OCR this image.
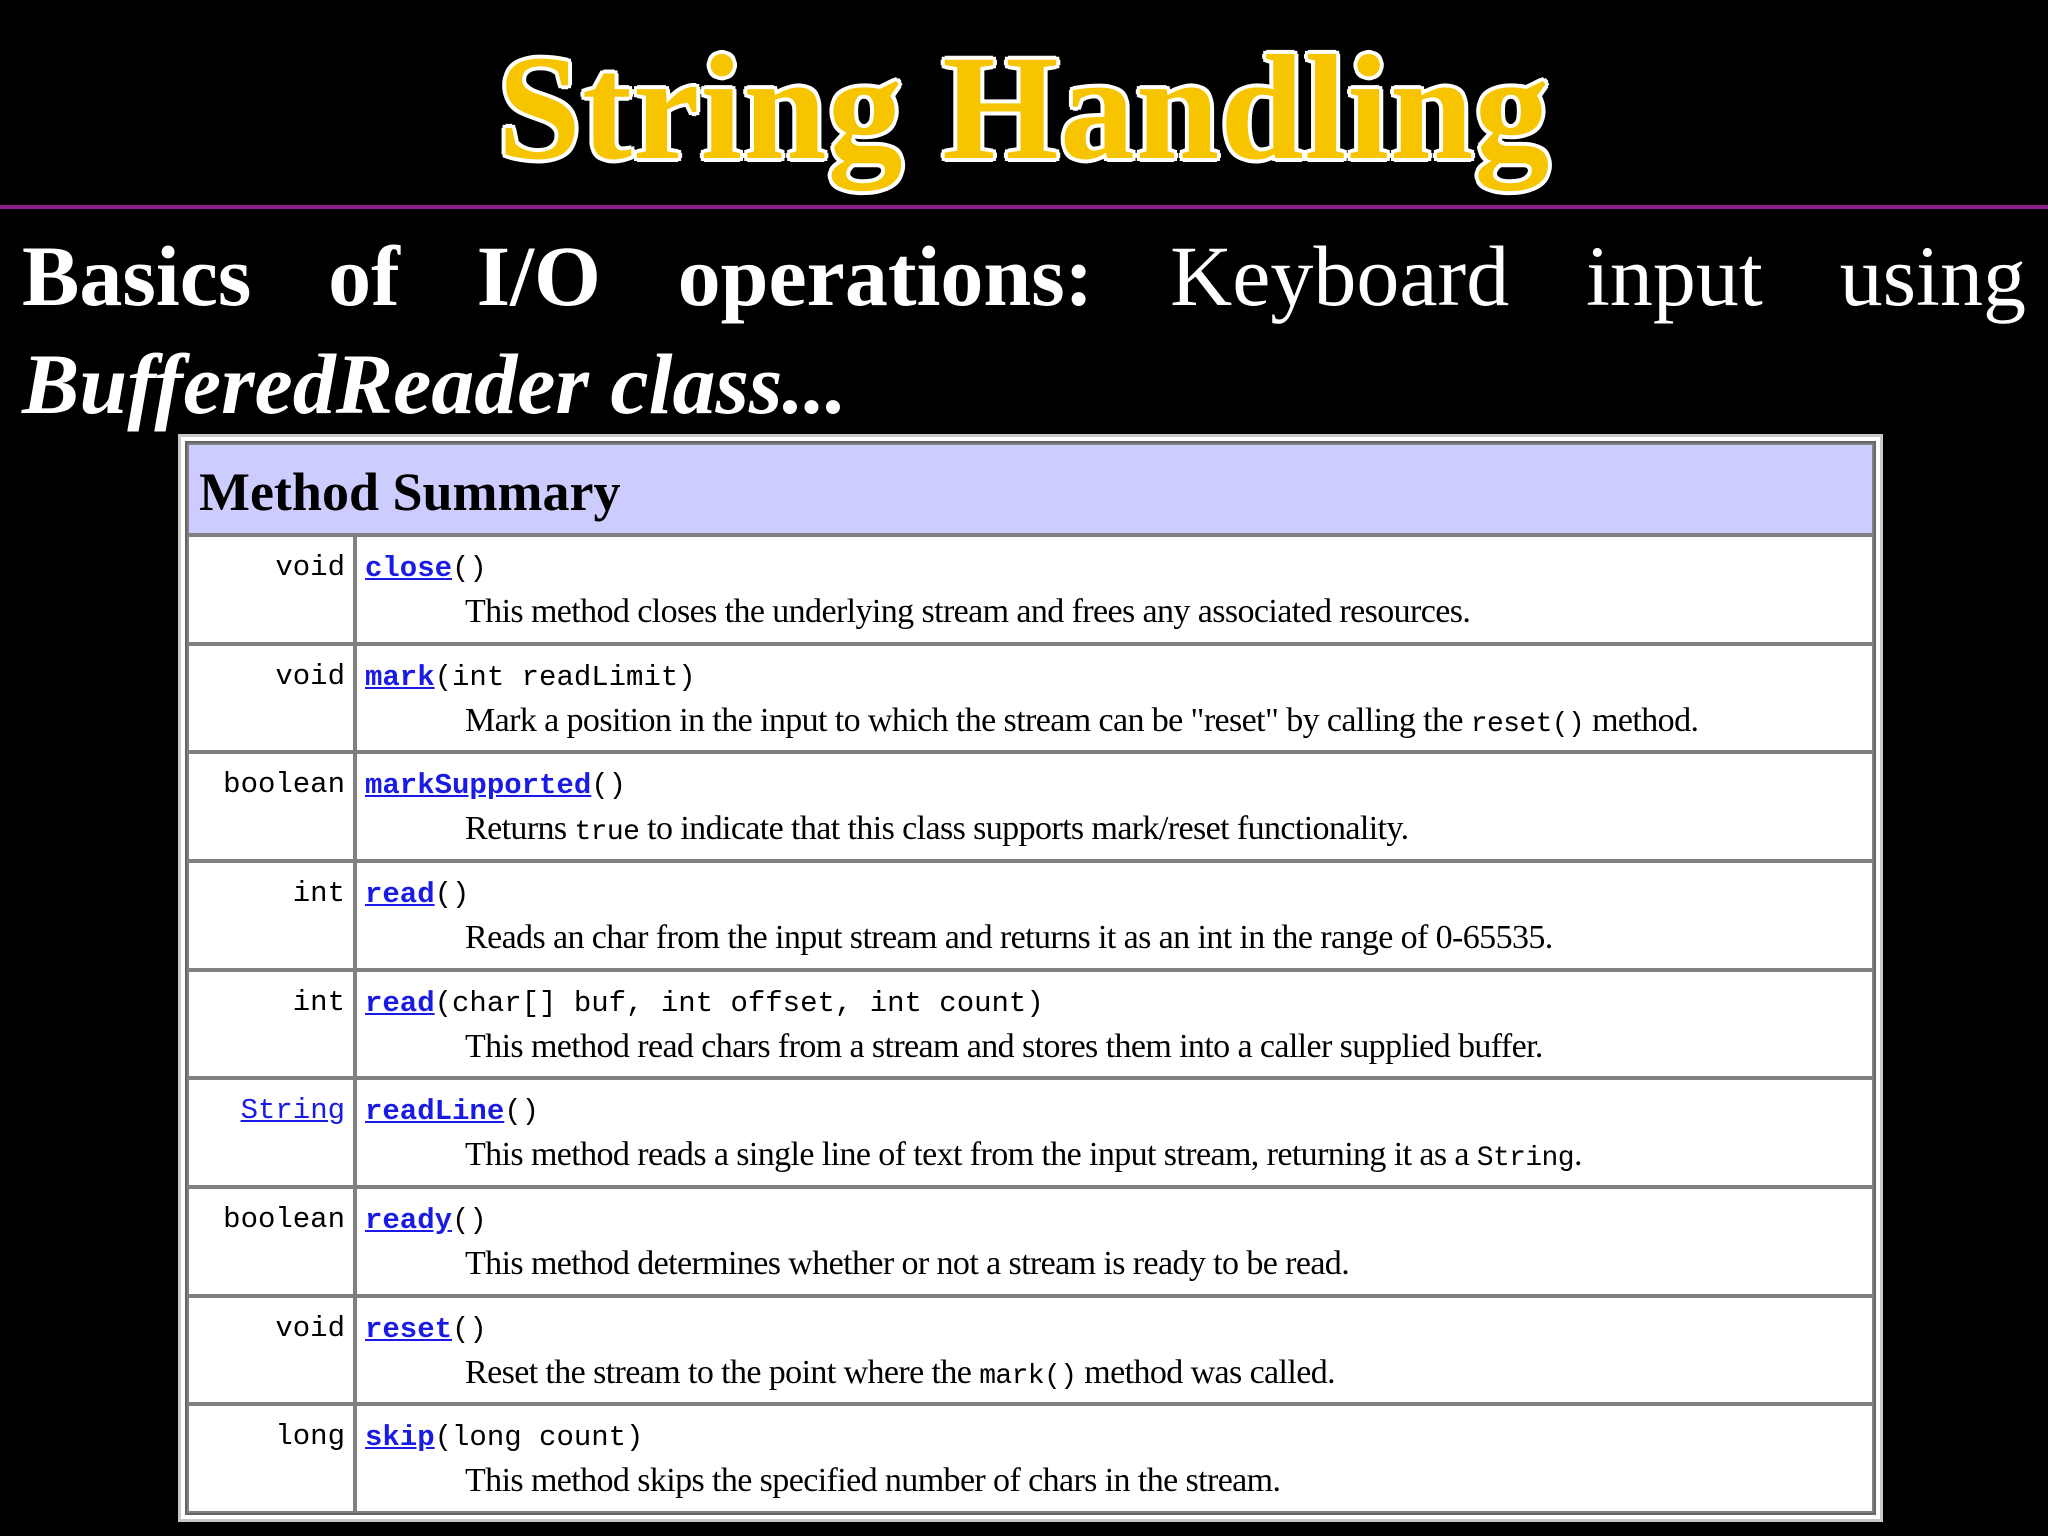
String Handling
Basics of I/O operations: Keyboard input using
BufferedReader class...
Method Summary	
void	close()
This method closes the underlying stream and frees any associated resources.

void	mark(int readLimit)
Mark a position in the input to which the stream can be "reset" by calling the reset() method.

boolean	markSupported()
Returns true to indicate that this class supports mark/reset functionality.

int	read()
Reads an char from the input stream and returns it as an int in the range of 0-65535.

int	read(char[] buf, int offset, int count)
This method read chars from a stream and stores them into a caller supplied buffer.

String	readLine()
This method reads a single line of text from the input stream, returning it as a String.

boolean	ready()
This method determines whether or not a stream is ready to be read.

void	reset()
Reset the stream to the point where the mark() method was called.

long	skip(long count)
This method skips the specified number of chars in the stream.
